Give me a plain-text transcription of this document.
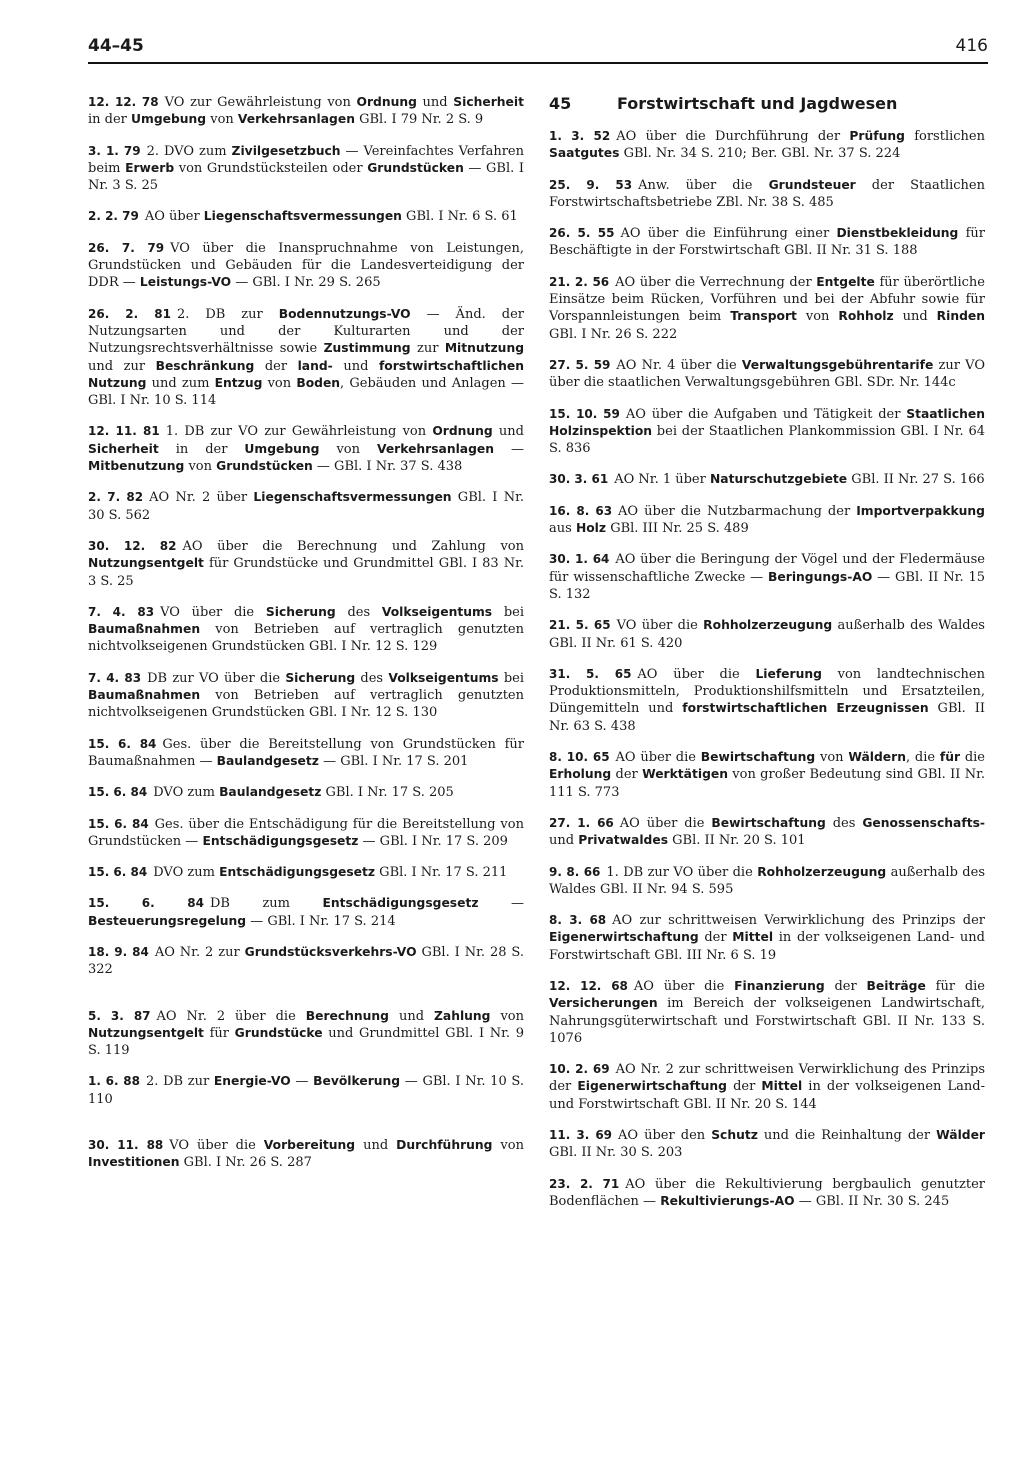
44–45	416

12. 12. 78 VO zur Gewährleistung von Ordnung und Sicherheit in der Umgebung von Verkehrsanlagen GBl. I 79 Nr. 2 S. 9

3. 1. 79 2. DVO zum Zivilgesetzbuch — Vereinfachtes Verfahren beim Erwerb von Grundstücksteilen oder Grundstücken — GBl. I Nr. 3 S. 25

2. 2. 79 AO über Liegenschaftsvermessungen GBl. I Nr. 6 S. 61

26. 7. 79 VO über die Inanspruchnahme von Leistungen, Grundstücken und Gebäuden für die Landesverteidigung der DDR — Leistungs-VO — GBl. I Nr. 29 S. 265

26. 2. 81 2. DB zur Bodennutzungs-VO — Änd. der Nutzungsarten und der Kulturarten und der Nutzungsrechtsverhältnisse sowie Zustimmung zur Mitnutzung und zur Beschränkung der land- und forstwirtschaftlichen Nutzung und zum Entzug von Boden, Gebäuden und Anlagen — GBl. I Nr. 10 S. 114

12. 11. 81 1. DB zur VO zur Gewährleistung von Ordnung und Sicherheit in der Umgebung von Verkehrsanlagen — Mitbenutzung von Grundstücken — GBl. I Nr. 37 S. 438

2. 7. 82 AO Nr. 2 über Liegenschaftsvermessungen GBl. I Nr. 30 S. 562

30. 12. 82 AO über die Berechnung und Zahlung von Nutzungsentgelt für Grundstücke und Grundmittel GBl. I 83 Nr. 3 S. 25

7. 4. 83 VO über die Sicherung des Volkseigentums bei Baumaßnahmen von Betrieben auf vertraglich genutzten nichtvolkseigenen Grundstücken GBl. I Nr. 12 S. 129

7. 4. 83 DB zur VO über die Sicherung des Volkseigentums bei Baumaßnahmen von Betrieben auf vertraglich genutzten nichtvolkseigenen Grundstücken GBl. I Nr. 12 S. 130

15. 6. 84 Ges. über die Bereitstellung von Grundstücken für Baumaßnahmen — Baulandgesetz — GBl. I Nr. 17 S. 201

15. 6. 84 DVO zum Baulandgesetz GBl. I Nr. 17 S. 205

15. 6. 84 Ges. über die Entschädigung für die Bereitstellung von Grundstücken — Entschädigungsgesetz — GBl. I Nr. 17 S. 209

15. 6. 84 DVO zum Entschädigungsgesetz GBl. I Nr. 17 S. 211

15. 6. 84 DB zum Entschädigungsgesetz — Besteuerungsregelung — GBl. I Nr. 17 S. 214

18. 9. 84 AO Nr. 2 zur Grundstücksverkehrs-VO GBl. I Nr. 28 S. 322

5. 3. 87 AO Nr. 2 über die Berechnung und Zahlung von Nutzungsentgelt für Grundstücke und Grundmittel GBl. I Nr. 9 S. 119

1. 6. 88 2. DB zur Energie-VO — Bevölkerung — GBl. I Nr. 10 S. 110

30. 11. 88 VO über die Vorbereitung und Durchführung von Investitionen GBl. I Nr. 26 S. 287

45	Forstwirtschaft und Jagdwesen

1. 3. 52 AO über die Durchführung der Prüfung forstlichen Saatgutes GBl. Nr. 34 S. 210; Ber. GBl. Nr. 37 S. 224

25. 9. 53 Anw. über die Grundsteuer der Staatlichen Forstwirtschaftsbetriebe ZBl. Nr. 38 S. 485

26. 5. 55 AO über die Einführung einer Dienstbekleidung für Beschäftigte in der Forstwirtschaft GBl. II Nr. 31 S. 188

21. 2. 56 AO über die Verrechnung der Entgelte für überörtliche Einsätze beim Rücken, Vorführen und bei der Abfuhr sowie für Vorspannleistungen beim Transport von Rohholz und Rinden GBl. I Nr. 26 S. 222

27. 5. 59 AO Nr. 4 über die Verwaltungsgebührentarife zur VO über die staatlichen Verwaltungsgebühren GBl. SDr. Nr. 144c

15. 10. 59 AO über die Aufgaben und Tätigkeit der Staatlichen Holzinspektion bei der Staatlichen Plankommission GBl. I Nr. 64 S. 836

30. 3. 61 AO Nr. 1 über Naturschutzgebiete GBl. II Nr. 27 S. 166

16. 8. 63 AO über die Nutzbarmachung der Importverpakkung aus Holz GBl. III Nr. 25 S. 489

30. 1. 64 AO über die Beringung der Vögel und der Fledermäuse für wissenschaftliche Zwecke — Beringungs-AO — GBl. II Nr. 15 S. 132

21. 5. 65 VO über die Rohholzerzeugung außerhalb des Waldes GBl. II Nr. 61 S. 420

31. 5. 65 AO über die Lieferung von landtechnischen Produktionsmitteln, Produktionshilfsmitteln und Ersatzteilen, Düngemitteln und forstwirtschaftlichen Erzeugnissen GBl. II Nr. 63 S. 438

8. 10. 65 AO über die Bewirtschaftung von Wäldern, die für die Erholung der Werktätigen von großer Bedeutung sind GBl. II Nr. 111 S. 773

27. 1. 66 AO über die Bewirtschaftung des Genossenschafts- und Privatwaldes GBl. II Nr. 20 S. 101

9. 8. 66 1. DB zur VO über die Rohholzerzeugung außerhalb des Waldes GBl. II Nr. 94 S. 595

8. 3. 68 AO zur schrittweisen Verwirklichung des Prinzips der Eigenerwirtschaftung der Mittel in der volkseigenen Land- und Forstwirtschaft GBl. III Nr. 6 S. 19

12. 12. 68 AO über die Finanzierung der Beiträge für die Versicherungen im Bereich der volkseigenen Landwirtschaft, Nahrungsgüterwirtschaft und Forstwirtschaft GBl. II Nr. 133 S. 1076

10. 2. 69 AO Nr. 2 zur schrittweisen Verwirklichung des Prinzips der Eigenerwirtschaftung der Mittel in der volkseigenen Land- und Forstwirtschaft GBl. II Nr. 20 S. 144

11. 3. 69 AO über den Schutz und die Reinhaltung der Wälder GBl. II Nr. 30 S. 203

23. 2. 71 AO über die Rekultivierung bergbaulich genutzter Bodenflächen — Rekultivierungs-AO — GBl. II Nr. 30 S. 245
